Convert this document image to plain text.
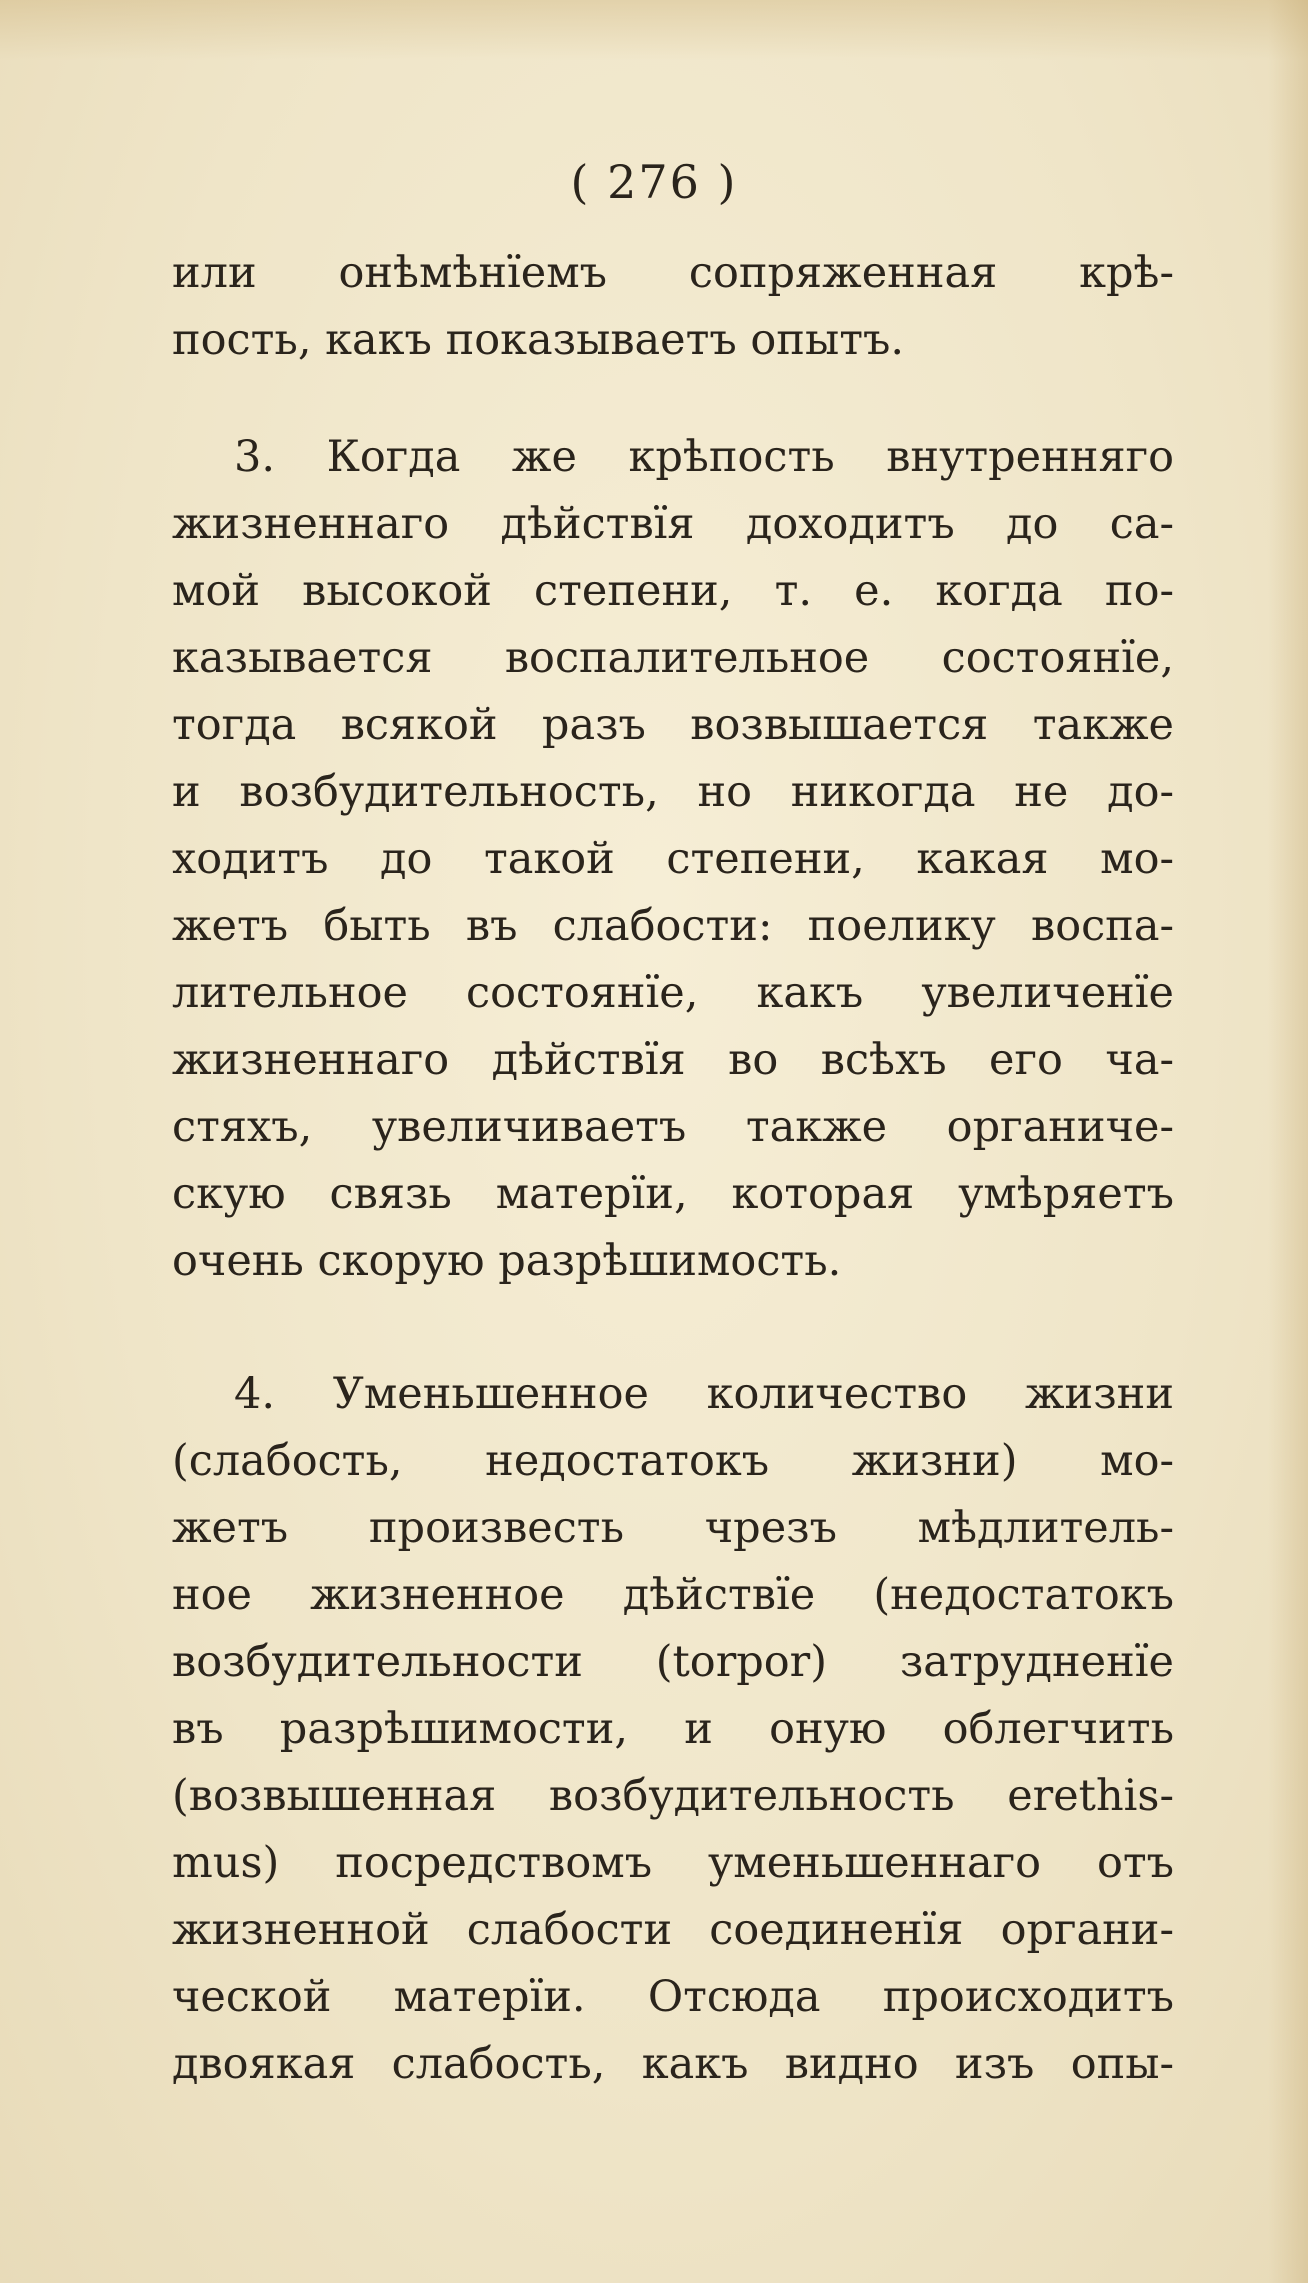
( 276 )
или онѣмѣнїемъ сопряженная крѣ-
пость, какъ показываетъ опытъ.
3. Когда же крѣпость внутренняго
жизненнаго дѣйствїя доходитъ до са-
мой высокой степени, т. е. когда по-
казывается воспалительное состоянїе,
тогда всякой разъ возвышается также
и возбудительность, но никогда не до-
ходитъ до такой степени, какая мо-
жетъ быть въ слабости: поелику воспа-
лительное состоянїе, какъ увеличенїе
жизненнаго дѣйствїя во всѣхъ его ча-
стяхъ, увеличиваетъ также органиче-
скую связь матерїи, которая умѣряетъ
очень скорую разрѣшимость.
4. Уменьшенное количество жизни
(слабость, недостатокъ жизни) мо-
жетъ произвесть чрезъ мѣдлитель-
ное жизненное дѣйствїе (недостатокъ
возбудительности (torpor) затрудненїе
въ разрѣшимости, и оную облегчить
(возвышенная возбудительность erethis-
mus) посредствомъ уменьшеннаго отъ
жизненной слабости соединенїя органи-
ческой матерїи. Отсюда происходитъ
двоякая слабость, какъ видно изъ опы-
